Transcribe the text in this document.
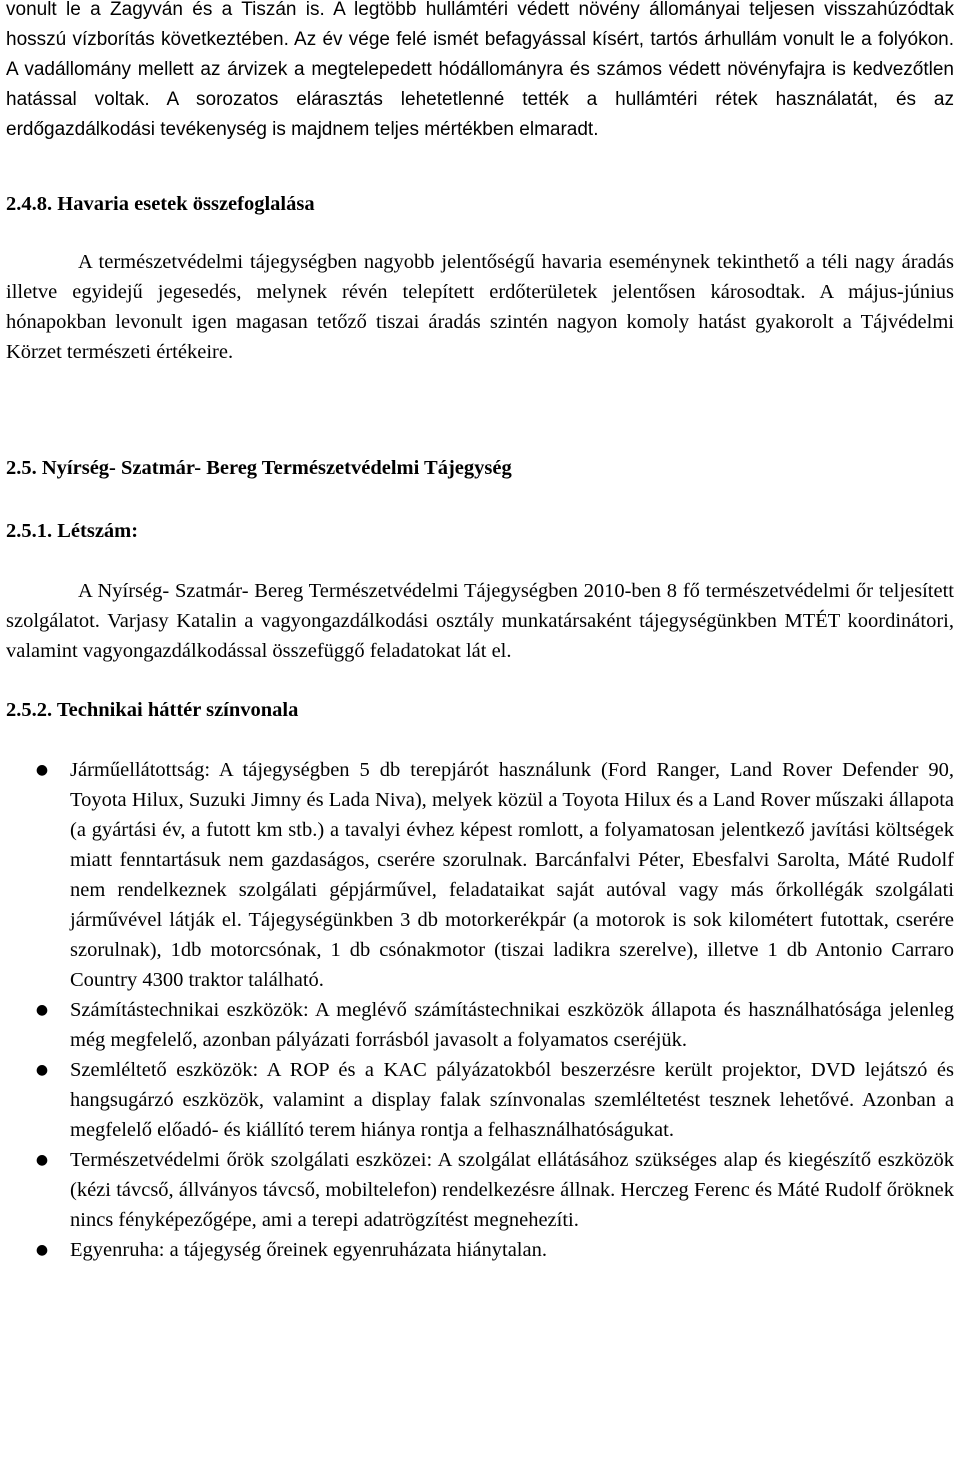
vonult le a Zagyván és a Tiszán is. A legtöbb hullámtéri védett növény állományai teljesen visszahúzódtak hosszú vízborítás következtében. Az év vége felé ismét befagyással kísért, tartós árhullám vonult le a folyókon. A vadállomány mellett az árvizek a megtelepedett hódállományra és számos védett növényfajra is kedvezőtlen hatással voltak. A sorozatos elárasztás lehetetlenné tették a hullámtéri rétek használatát, és az erdőgazdálkodási tevékenység is majdnem teljes mértékben elmaradt.

2.4.8. Havaria esetek összefoglalása

A természetvédelmi tájegységben nagyobb jelentőségű havaria eseménynek tekinthető a téli nagy áradás illetve egyidejű jegesedés, melynek révén telepített erdőterületek jelentősen károsodtak. A május-június hónapokban levonult igen magasan tetőző tiszai áradás szintén nagyon komoly hatást gyakorolt a Tájvédelmi Körzet természeti értékeire.

2.5. Nyírség- Szatmár- Bereg Természetvédelmi Tájegység
2.5.1. Létszám:

A Nyírség- Szatmár- Bereg Természetvédelmi Tájegységben 2010-ben 8 fő természetvédelmi őr teljesített szolgálatot. Varjasy Katalin a vagyongazdálkodási osztály munkatársaként tájegységünkben MTÉT koordinátori, valamint vagyongazdálkodással összefüggő feladatokat lát el.

2.5.2. Technikai háttér színvonala
● Járműellátottság: A tájegységben 5 db terepjárót használunk (Ford Ranger, Land Rover Defender 90, Toyota Hilux, Suzuki Jimny és Lada Niva), melyek közül a Toyota Hilux és a Land Rover műszaki állapota (a gyártási év, a futott km stb.) a tavalyi évhez képest romlott, a folyamatosan jelentkező javítási költségek miatt fenntartásuk nem gazdaságos, cserére szorulnak. Barcánfalvi Péter, Ebesfalvi Sarolta, Máté Rudolf nem rendelkeznek szolgálati gépjárművel, feladataikat saját autóval vagy más őrkollégák szolgálati járművével látják el. Tájegységünkben 3 db motorkerékpár (a motorok is sok kilométert futottak, cserére szorulnak), 1db motorcsónak, 1 db csónakmotor (tiszai ladikra szerelve), illetve 1 db Antonio Carraro Country 4300 traktor található.

● Számítástechnikai eszközök: A meglévő számítástechnikai eszközök állapota és használhatósága jelenleg még megfelelő, azonban pályázati forrásból javasolt a folyamatos cseréjük.

● Szemléltető eszközök: A ROP és a KAC pályázatokból beszerzésre került projektor, DVD lejátszó és hangsugárzó eszközök, valamint a display falak színvonalas szemléltetést tesznek lehetővé. Azonban a megfelelő előadó- és kiállító terem hiánya rontja a felhasználhatóságukat.

● Természetvédelmi őrök szolgálati eszközei: A szolgálat ellátásához szükséges alap és kiegészítő eszközök (kézi távcső, állványos távcső, mobiltelefon) rendelkezésre állnak. Herczeg Ferenc és Máté Rudolf őröknek nincs fényképezőgépe, ami a terepi adatrögzítést megnehezíti.

● Egyenruha: a tájegység őreinek egyenruházata hiánytalan.
